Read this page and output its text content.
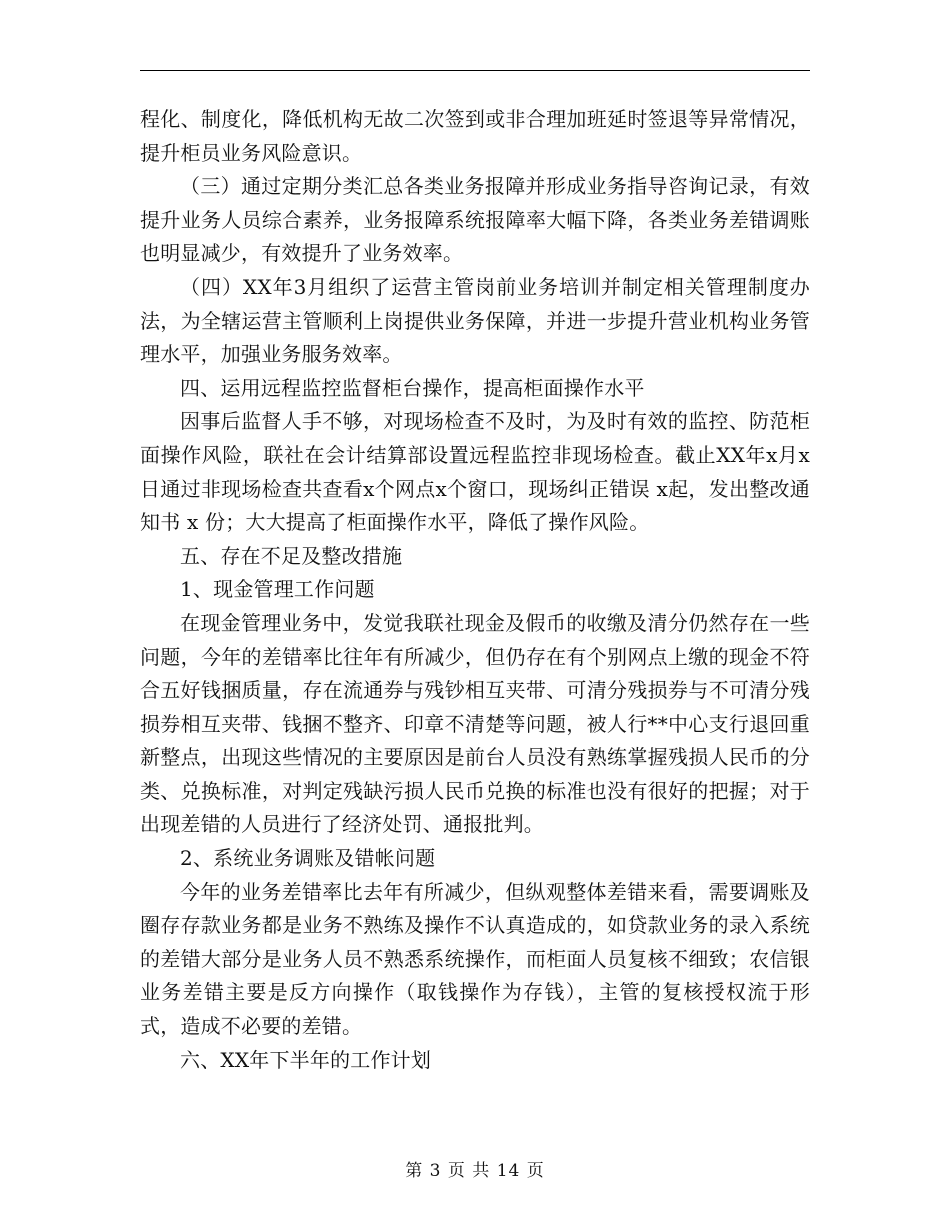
程化、制度化，降低机构无故二次签到或非合理加班延时签退等异常情况，提升柜员业务风险意识。

（三）通过定期分类汇总各类业务报障并形成业务指导咨询记录，有效提升业务人员综合素养，业务报障系统报障率大幅下降，各类业务差错调账也明显减少，有效提升了业务效率。

（四）XX年3月组织了运营主管岗前业务培训并制定相关管理制度办法，为全辖运营主管顺利上岗提供业务保障，并进一步提升营业机构业务管理水平，加强业务服务效率。

四、运用远程监控监督柜台操作，提高柜面操作水平

因事后监督人手不够，对现场检查不及时，为及时有效的监控、防范柜面操作风险，联社在会计结算部设置远程监控非现场检查。截止XX年x月x日通过非现场检查共查看x个网点x个窗口，现场纠正错误 x起，发出整改通知书 x 份；大大提高了柜面操作水平，降低了操作风险。

五、存在不足及整改措施

1、现金管理工作问题

在现金管理业务中，发觉我联社现金及假币的收缴及清分仍然存在一些问题，今年的差错率比往年有所减少，但仍存在有个别网点上缴的现金不符合五好钱捆质量，存在流通券与残钞相互夹带、可清分残损券与不可清分残损券相互夹带、钱捆不整齐、印章不清楚等问题，被人行**中心支行退回重新整点，出现这些情况的主要原因是前台人员没有熟练掌握残损人民币的分类、兑换标准，对判定残缺污损人民币兑换的标准也没有很好的把握；对于出现差错的人员进行了经济处罚、通报批判。

2、系统业务调账及错帐问题

今年的业务差错率比去年有所减少，但纵观整体差错来看，需要调账及圈存存款业务都是业务不熟练及操作不认真造成的，如贷款业务的录入系统的差错大部分是业务人员不熟悉系统操作，而柜面人员复核不细致；农信银业务差错主要是反方向操作（取钱操作为存钱），主管的复核授权流于形式，造成不必要的差错。

六、XX年下半年的工作计划

第 3 页 共 14 页
